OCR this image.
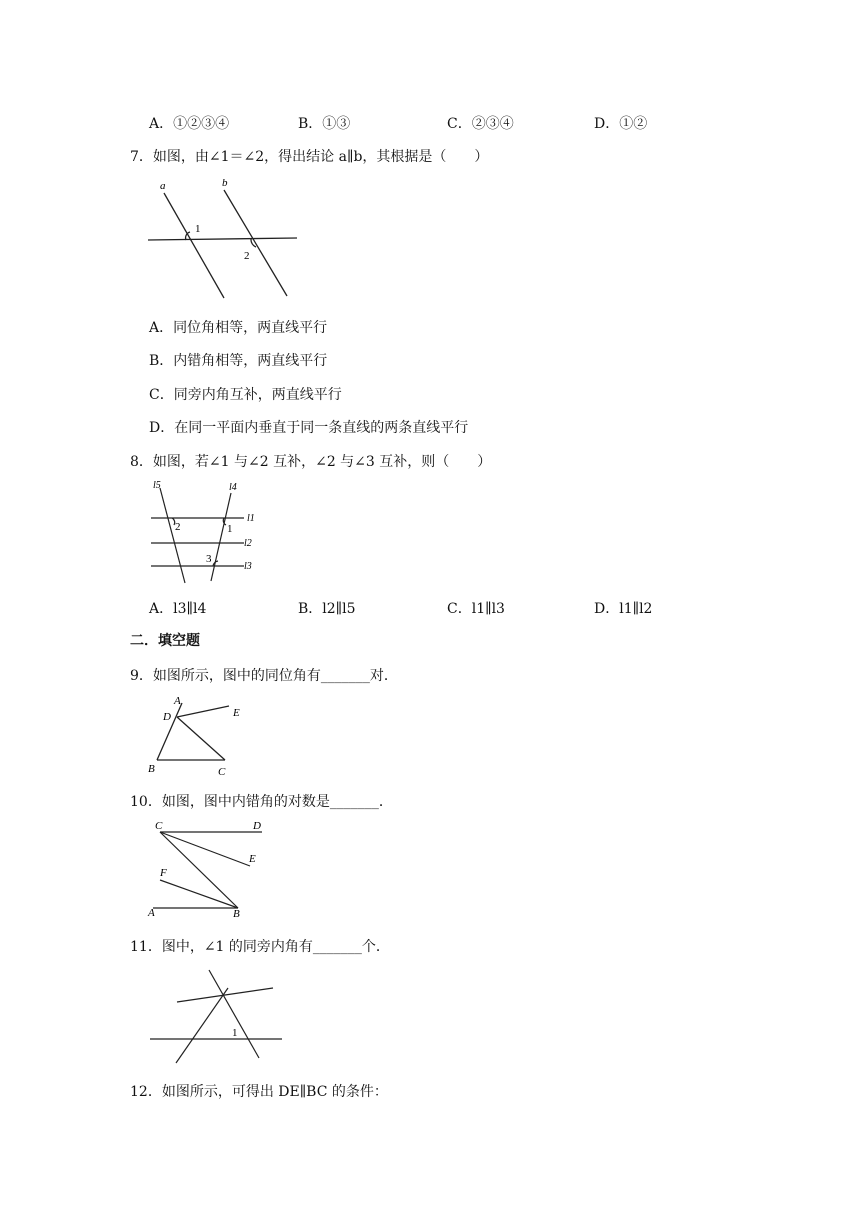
A．①②③④	B．①③	C．②③④	D．①②
7．如图，由∠1＝∠2，得出结论 a∥b，其根据是（　　）
a	b
1
2
A．同位角相等，两直线平行
B．内错角相等，两直线平行
C．同旁内角互补，两直线平行
D．在同一平面内垂直于同一条直线的两条直线平行
8．如图，若∠1 与∠2 互补，∠2 与∠3 互补，则（　　）
l5	l4
l1
l2
l3
2	1
3
A．l3∥l4	B．l2∥l5	C．l1∥l3	D．l1∥l2
二．填空题
9．如图所示，图中的同位角有_______对．
A
D	E
B	C
10．如图，图中内错角的对数是_______．
C	D
E
F
A	B
11．图中，∠1 的同旁内角有_______个．
1
12．如图所示，可得出 DE∥BC 的条件：
